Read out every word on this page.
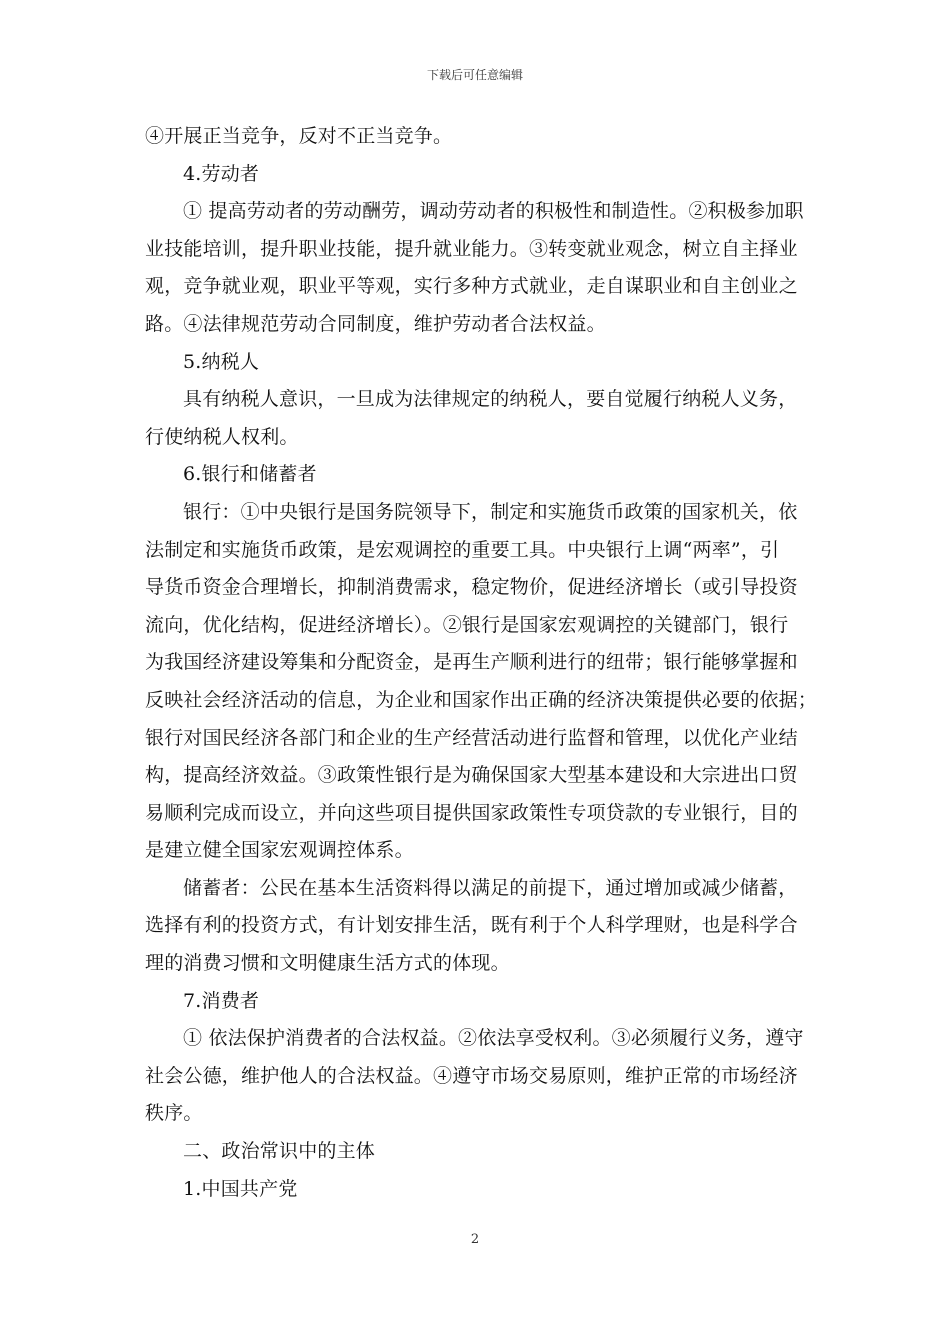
下载后可任意编辑
④开展正当竞争，反对不正当竞争。
4.劳动者
① 提高劳动者的劳动酬劳，调动劳动者的积极性和制造性。②积极参加职
业技能培训，提升职业技能，提升就业能力。③转变就业观念，树立自主择业
观，竞争就业观，职业平等观，实行多种方式就业，走自谋职业和自主创业之
路。④法律规范劳动合同制度，维护劳动者合法权益。
5.纳税人
具有纳税人意识，一旦成为法律规定的纳税人，要自觉履行纳税人义务，
行使纳税人权利。
6.银行和储蓄者
银行：①中央银行是国务院领导下，制定和实施货币政策的国家机关，依
法制定和实施货币政策，是宏观调控的重要工具。中央银行上调“两率”，引
导货币资金合理增长，抑制消费需求，稳定物价，促进经济增长（或引导投资
流向，优化结构，促进经济增长）。②银行是国家宏观调控的关键部门，银行
为我国经济建设筹集和分配资金，是再生产顺利进行的纽带；银行能够掌握和
反映社会经济活动的信息，为企业和国家作出正确的经济决策提供必要的依据；
银行对国民经济各部门和企业的生产经营活动进行监督和管理，以优化产业结
构，提高经济效益。③政策性银行是为确保国家大型基本建设和大宗进出口贸
易顺利完成而设立，并向这些项目提供国家政策性专项贷款的专业银行，目的
是建立健全国家宏观调控体系。
储蓄者：公民在基本生活资料得以满足的前提下，通过增加或减少储蓄，
选择有利的投资方式，有计划安排生活，既有利于个人科学理财，也是科学合
理的消费习惯和文明健康生活方式的体现。
7.消费者
① 依法保护消费者的合法权益。②依法享受权利。③必须履行义务，遵守
社会公德，维护他人的合法权益。④遵守市场交易原则，维护正常的市场经济
秩序。
二、政治常识中的主体
1.中国共产党
2
